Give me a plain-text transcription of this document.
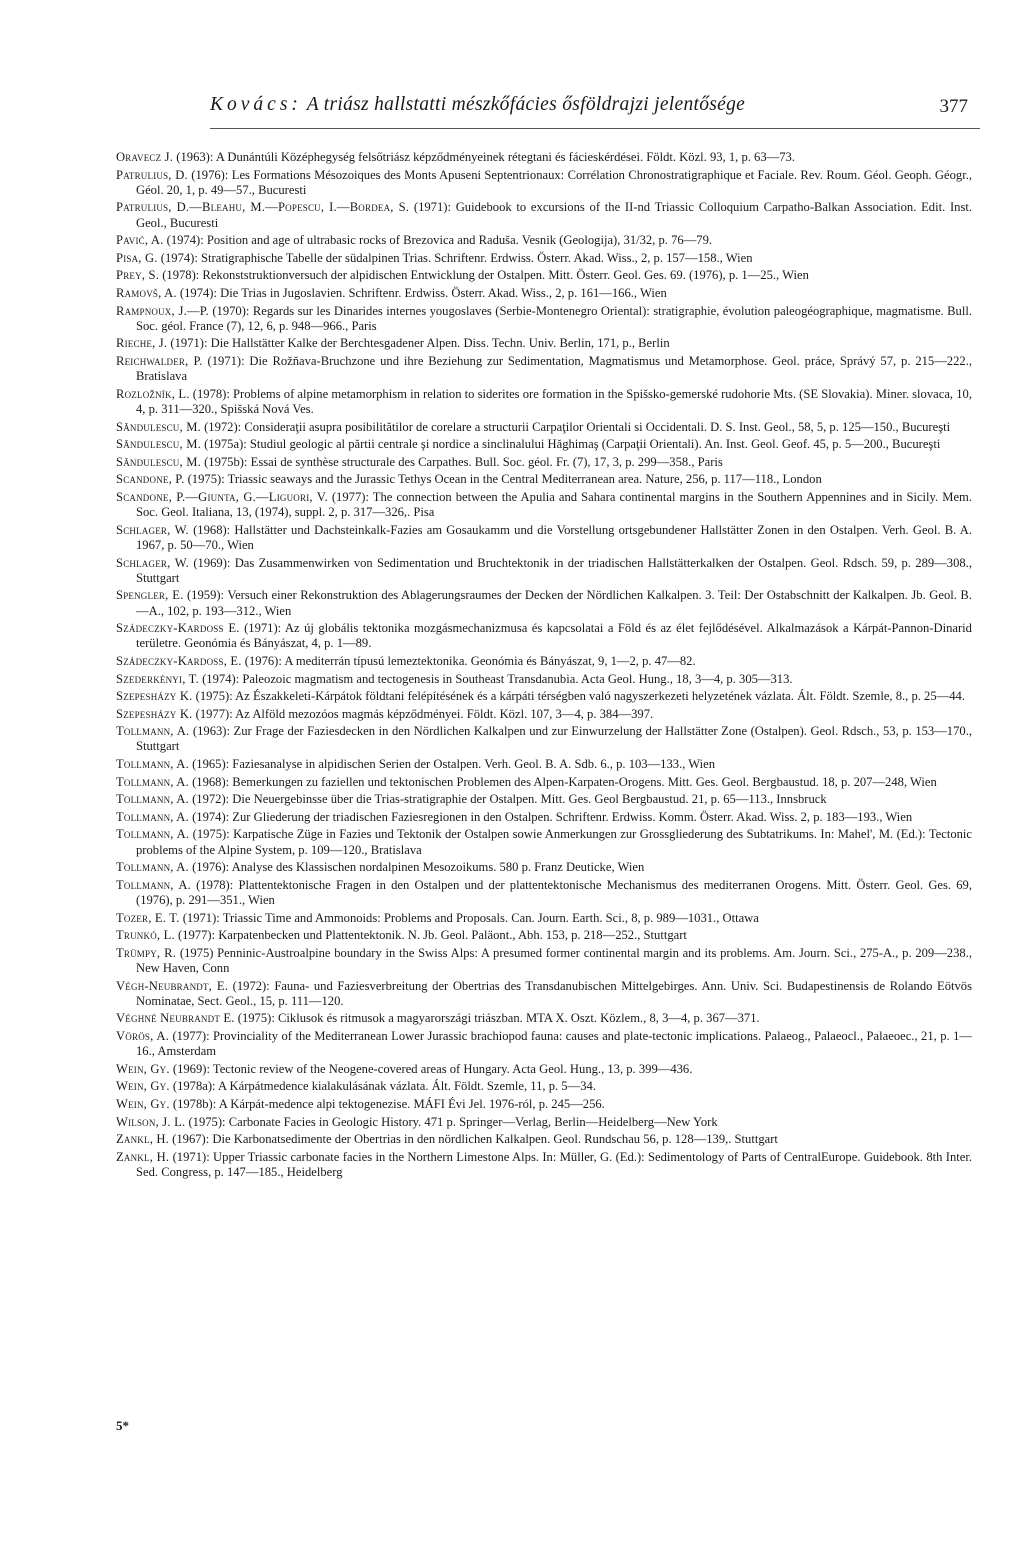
Kovács: A triász hallstatti mészkőfácies ősföldrajzi jelentősége	377

Oravecz J. (1963): A Dunántúli Középhegység felsőtriász képződményeinek rétegtani és fácieskérdései. Földt. Közl. 93, 1, p. 63—73.

Patrulius, D. (1976): Les Formations Mésozoiques des Monts Apuseni Septentrionaux: Corrélation Chronostratigraphique et Faciale. Rev. Roum. Géol. Geoph. Géogr., Géol. 20, 1, p. 49—57., Bucuresti

Patrulius, D.—Bleahu, M.—Popescu, I.—Bordea, S. (1971): Guidebook to excursions of the II-nd Triassic Colloquium Carpatho-Balkan Association. Edit. Inst. Geol., Bucuresti

Pavić, A. (1974): Position and age of ultrabasic rocks of Brezovica and Raduša. Vesnik (Geologija), 31/32, p. 76—79.

Pisa, G. (1974): Stratigraphische Tabelle der südalpinen Trias. Schriftenr. Erdwiss. Österr. Akad. Wiss., 2, p. 157—158., Wien

Prey, S. (1978): Rekonststruktionversuch der alpidischen Entwicklung der Ostalpen. Mitt. Österr. Geol. Ges. 69. (1976), p. 1—25., Wien

Ramovš, A. (1974): Die Trias in Jugoslavien. Schriftenr. Erdwiss. Österr. Akad. Wiss., 2, p. 161—166., Wien

Rampnoux, J.—P. (1970): Regards sur les Dinarides internes yougoslaves (Serbie-Montenegro Oriental): stratigraphie, évolution paleogéographique, magmatisme. Bull. Soc. géol. France (7), 12, 6, p. 948—966., Paris

Rieche, J. (1971): Die Hallstätter Kalke der Berchtesgadener Alpen. Diss. Techn. Univ. Berlin, 171, p., Berlin

Reichwalder, P. (1971): Die Rožňava-Bruchzone und ihre Beziehung zur Sedimentation, Magmatismus und Metamorphose. Geol. práce, Správý 57, p. 215—222., Bratislava

Rozložník, L. (1978): Problems of alpine metamorphism in relation to siderites ore formation in the Spišsko-gemerské rudohorie Mts. (SE Slovakia). Miner. slovaca, 10, 4, p. 311—320., Spišská Nová Ves.

Săndulescu, M. (1972): Consideraţii asupra posibilitătilor de corelare a structurii Carpaţilor Orientali si Occidentali. D. S. Inst. Geol., 58, 5, p. 125—150., Bucureşti

Săndulescu, M. (1975a): Studiul geologic al părtii centrale şi nordice a sinclinalului Hăghimaş (Carpaţii Orientali). An. Inst. Geol. Geof. 45, p. 5—200., Bucureşti

Săndulescu, M. (1975b): Essai de synthèse structurale des Carpathes. Bull. Soc. géol. Fr. (7), 17, 3, p. 299—358., Paris

Scandone, P. (1975): Triassic seaways and the Jurassic Tethys Ocean in the Central Mediterranean area. Nature, 256, p. 117—118., London

Scandone, P.—Giunta, G.—Liguori, V. (1977): The connection between the Apulia and Sahara continental margins in the Southern Appennines and in Sicily. Mem. Soc. Geol. Italiana, 13, (1974), suppl. 2, p. 317—326,. Pisa

Schlager, W. (1968): Hallstätter und Dachsteinkalk-Fazies am Gosaukamm und die Vorstellung ortsgebundener Hallstätter Zonen in den Ostalpen. Verh. Geol. B. A. 1967, p. 50—70., Wien

Schlager, W. (1969): Das Zusammenwirken von Sedimentation und Bruchtektonik in der triadischen Hallstätterkalken der Ostalpen. Geol. Rdsch. 59, p. 289—308., Stuttgart

Spengler, E. (1959): Versuch einer Rekonstruktion des Ablagerungsraumes der Decken der Nördlichen Kalkalpen. 3. Teil: Der Ostabschnitt der Kalkalpen. Jb. Geol. B.—A., 102, p. 193—312., Wien

Szádeczky-Kardoss E. (1971): Az új globális tektonika mozgásmechanizmusa és kapcsolatai a Föld és az élet fejlődésével. Alkalmazások a Kárpát-Pannon-Dinarid területre. Geonómia és Bányászat, 4, p. 1—89.

Szádeczky-Kardoss, E. (1976): A mediterrán típusú lemeztektonika. Geonómia és Bányászat, 9, 1—2, p. 47—82.

Szederkényi, T. (1974): Paleozoic magmatism and tectogenesis in Southeast Transdanubia. Acta Geol. Hung., 18, 3—4, p. 305—313.

Szepesházy K. (1975): Az Északkeleti-Kárpátok földtani felépítésének és a kárpáti térségben való nagyszerkezeti helyzetének vázlata. Ált. Földt. Szemle, 8., p. 25—44.

Szepesházy K. (1977): Az Alföld mezozóos magmás képződményei. Földt. Közl. 107, 3—4, p. 384—397.

Tollmann, A. (1963): Zur Frage der Faziesdecken in den Nördlichen Kalkalpen und zur Einwurzelung der Hallstätter Zone (Ostalpen). Geol. Rdsch., 53, p. 153—170., Stuttgart

Tollmann, A. (1965): Faziesanalyse in alpidischen Serien der Ostalpen. Verh. Geol. B. A. Sdb. 6., p. 103—133., Wien

Tollmann, A. (1968): Bemerkungen zu faziellen und tektonischen Problemen des Alpen-Karpaten-Orogens. Mitt. Ges. Geol. Bergbaustud. 18, p. 207—248, Wien

Tollmann, A. (1972): Die Neuergebinsse über die Trias-stratigraphie der Ostalpen. Mitt. Ges. Geol Bergbaustud. 21, p. 65—113., Innsbruck

Tollmann, A. (1974): Zur Gliederung der triadischen Faziesregionen in den Ostalpen. Schriftenr. Erdwiss. Komm. Österr. Akad. Wiss. 2, p. 183—193., Wien

Tollmann, A. (1975): Karpatische Züge in Fazies und Tektonik der Ostalpen sowie Anmerkungen zur Grossgliederung des Subtatrikums. In: Mahel', M. (Ed.): Tectonic problems of the Alpine System, p. 109—120., Bratislava

Tollmann, A. (1976): Analyse des Klassischen nordalpinen Mesozoikums. 580 p. Franz Deuticke, Wien

Tollmann, A. (1978): Plattentektonische Fragen in den Ostalpen und der plattentektonische Mechanismus des mediterranen Orogens. Mitt. Österr. Geol. Ges. 69, (1976), p. 291—351., Wien

Tozer, E. T. (1971): Triassic Time and Ammonoids: Problems and Proposals. Can. Journ. Earth. Sci., 8, p. 989—1031., Ottawa

Trunkó, L. (1977): Karpatenbecken und Plattentektonik. N. Jb. Geol. Paläont., Abh. 153, p. 218—252., Stuttgart

Trümpy, R. (1975) Penninic-Austroalpine boundary in the Swiss Alps: A presumed former continental margin and its problems. Am. Journ. Sci., 275-A., p. 209—238., New Haven, Conn

Végh-Neubrandt, E. (1972): Fauna- und Faziesverbreitung der Obertrias des Transdanubischen Mittelgebirges. Ann. Univ. Sci. Budapestinensis de Rolando Eötvös Nominatae, Sect. Geol., 15, p. 111—120.

Véghné Neubrandt E. (1975): Ciklusok és ritmusok a magyarországi triászban. MTA X. Oszt. Közlem., 8, 3—4, p. 367—371.

Vörös, A. (1977): Provinciality of the Mediterranean Lower Jurassic brachiopod fauna: causes and plate-tectonic implications. Palaeog., Palaeocl., Palaeoec., 21, p. 1—16., Amsterdam

Wein, Gy. (1969): Tectonic review of the Neogene-covered areas of Hungary. Acta Geol. Hung., 13, p. 399—436.

Wein, Gy. (1978a): A Kárpátmedence kialakulásának vázlata. Ált. Földt. Szemle, 11, p. 5—34.

Wein, Gy. (1978b): A Kárpát-medence alpi tektogenezise. MÁFI Évi Jel. 1976-ról, p. 245—256.

Wilson, J. L. (1975): Carbonate Facies in Geologic History. 471 p. Springer—Verlag, Berlin—Heidelberg—New York

Zankl, H. (1967): Die Karbonatsedimente der Obertrias in den nördlichen Kalkalpen. Geol. Rundschau 56, p. 128—139,. Stuttgart

Zankl, H. (1971): Upper Triassic carbonate facies in the Northern Limestone Alps. In: Müller, G. (Ed.): Sedimentology of Parts of CentralEurope. Guidebook. 8th Inter. Sed. Congress, p. 147—185., Heidelberg

5*
